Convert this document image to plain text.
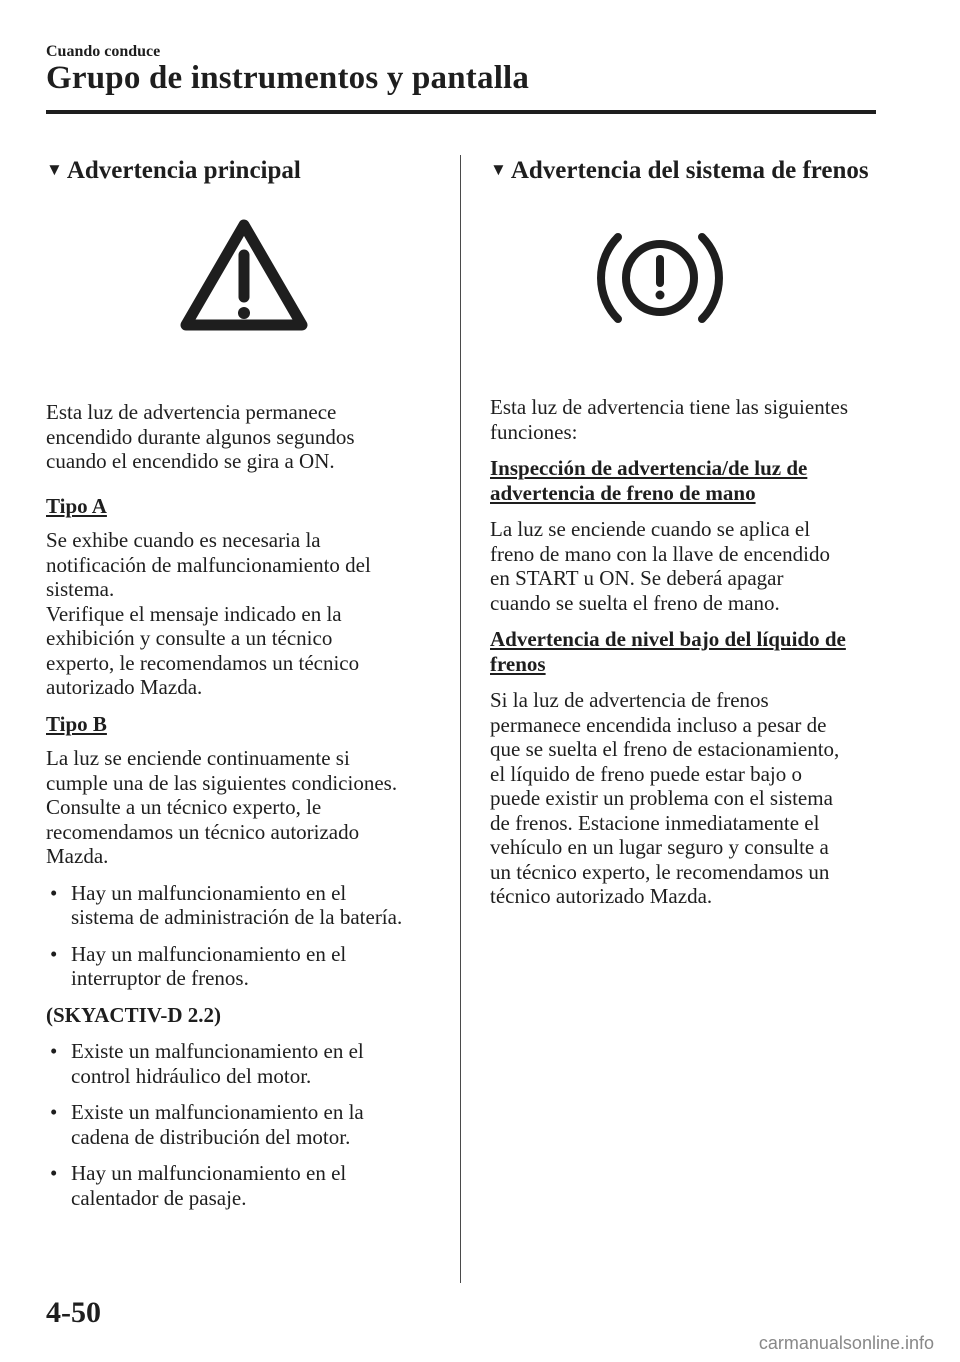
Cuando conduce
Grupo de instrumentos y pantalla
▼ Advertencia principal

Esta luz de advertencia permanece

encendido durante algunos segundos

cuando el encendido se gira a ON.

Tipo A

Se exhibe cuando es necesaria la

notificación de malfuncionamiento del

sistema.

Verifique el mensaje indicado en la

exhibición y consulte a un técnico

experto, le recomendamos un técnico

autorizado Mazda.

Tipo B

La luz se enciende continuamente si

cumple una de las siguientes condiciones.

Consulte a un técnico experto, le

recomendamos un técnico autorizado

Mazda.

• Hay un malfuncionamiento en el
sistema de administración de la batería.
• Hay un malfuncionamiento en el
interruptor de frenos.

(SKYACTIV-D 2.2)

• Existe un malfuncionamiento en el
control hidráulico del motor.
• Existe un malfuncionamiento en la
cadena de distribución del motor.
• Hay un malfuncionamiento en el
calentador de pasaje.
▼ Advertencia del sistema de frenos

Esta luz de advertencia tiene las siguientes

funciones:

Inspección de advertencia/de luz de

advertencia de freno de mano

La luz se enciende cuando se aplica el

freno de mano con la llave de encendido

en START u ON. Se deberá apagar

cuando se suelta el freno de mano.

Advertencia de nivel bajo del líquido de

frenos

Si la luz de advertencia de frenos

permanece encendida incluso a pesar de

que se suelta el freno de estacionamiento,

el líquido de freno puede estar bajo o

puede existir un problema con el sistema

de frenos. Estacione inmediatamente el

vehículo en un lugar seguro y consulte a

un técnico experto, le recomendamos un

técnico autorizado Mazda.

4-50
carmanualsonline.info
